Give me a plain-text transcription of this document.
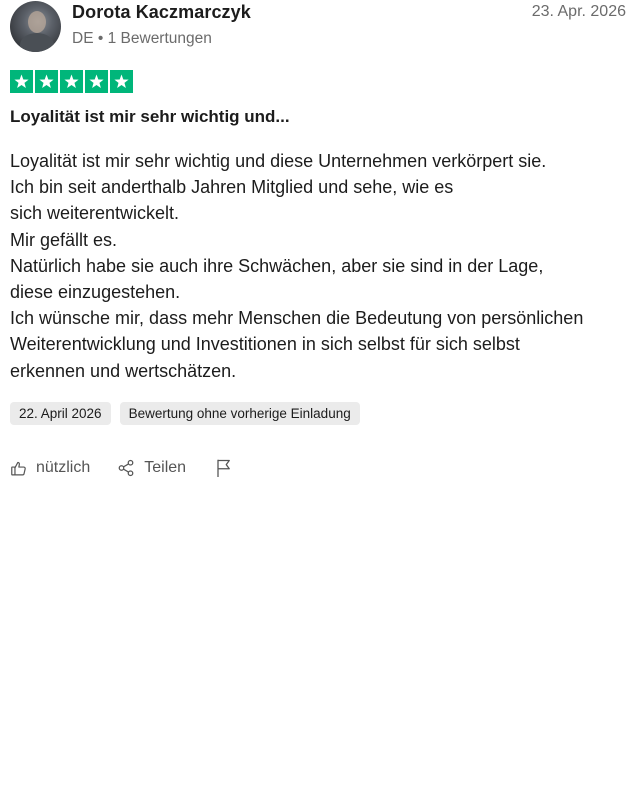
Dorota Kaczmarczyk
DE • 1 Bewertungen
23. Apr. 2026
Loyalität ist mir sehr wichtig und...
Loyalität ist mir sehr wichtig und diese Unternehmen verkörpert sie.
Ich bin seit anderthalb Jahren Mitglied und sehe, wie es
sich weiterentwickelt.
Mir gefällt es.
Natürlich habe sie auch ihre Schwächen, aber sie sind in der Lage,
diese einzugestehen.
Ich wünsche mir, dass mehr Menschen die Bedeutung von persönlichen
Weiterentwicklung und Investitionen in sich selbst für sich selbst
erkennen und wertschätzen.
22. April 2026	Bewertung ohne vorherige Einladung
nützlich	Teilen
